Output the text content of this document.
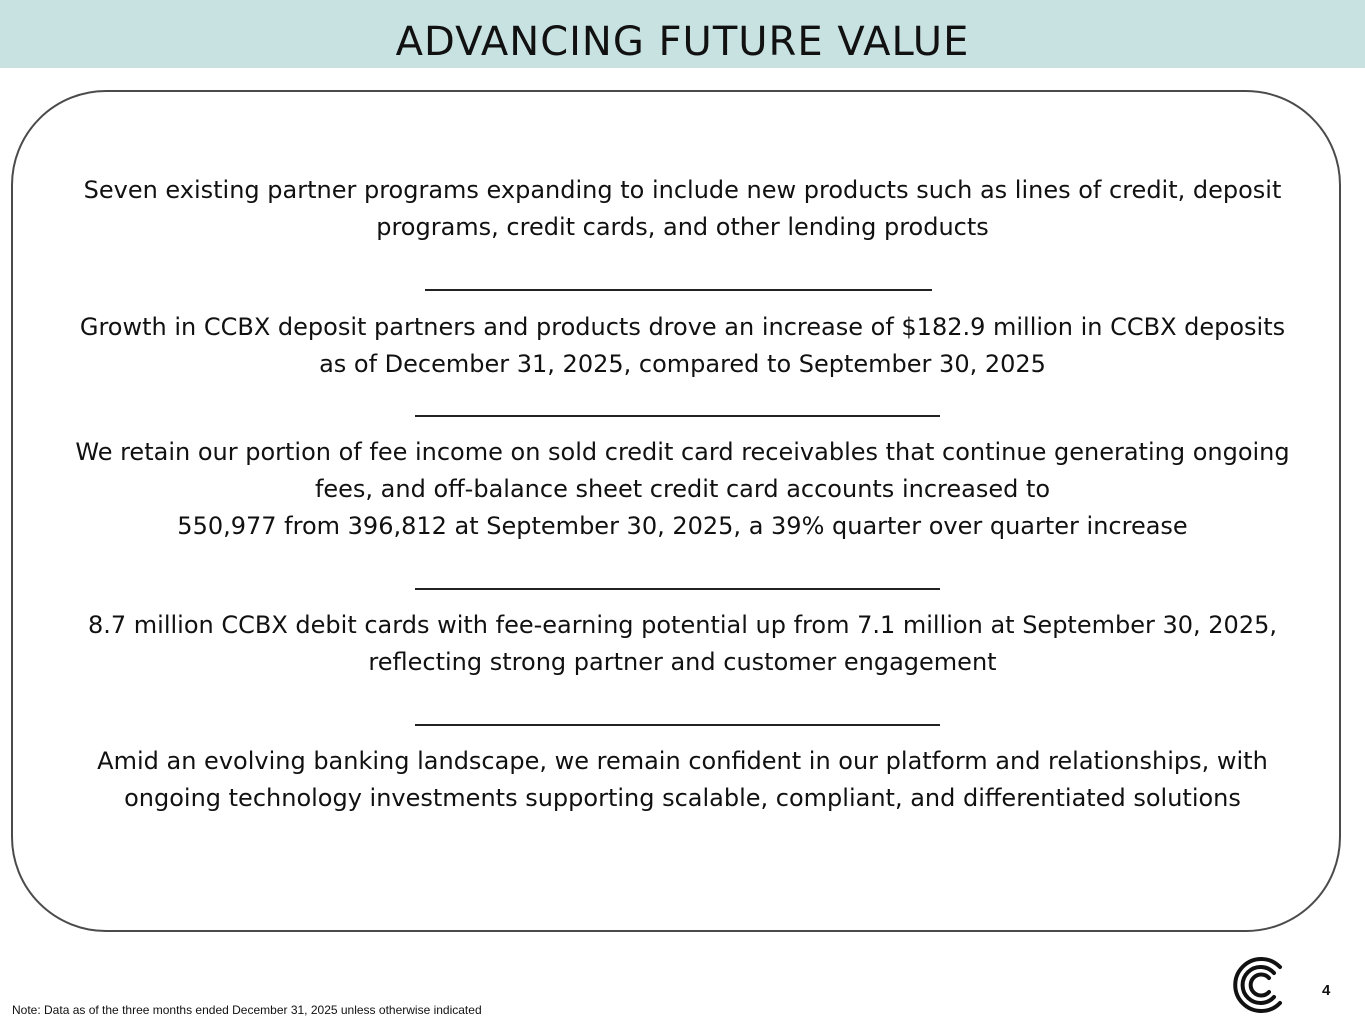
ADVANCING FUTURE VALUE
Seven existing partner programs expanding to include new products such as lines of credit, deposit
programs, credit cards, and other lending products
Growth in CCBX deposit partners and products drove an increase of $182.9 million in CCBX deposits
as of December 31, 2025, compared to September 30, 2025
We retain our portion of fee income on sold credit card receivables that continue generating ongoing
fees, and off-balance sheet credit card accounts increased to
550,977 from 396,812 at September 30, 2025, a 39% quarter over quarter increase
8.7 million CCBX debit cards with fee-earning potential up from 7.1 million at September 30, 2025,
reflecting strong partner and customer engagement
Amid an evolving banking landscape, we remain confident in our platform and relationships, with
ongoing technology investments supporting scalable, compliant, and differentiated solutions
4
Note: Data as of the three months ended December 31, 2025 unless otherwise indicated
